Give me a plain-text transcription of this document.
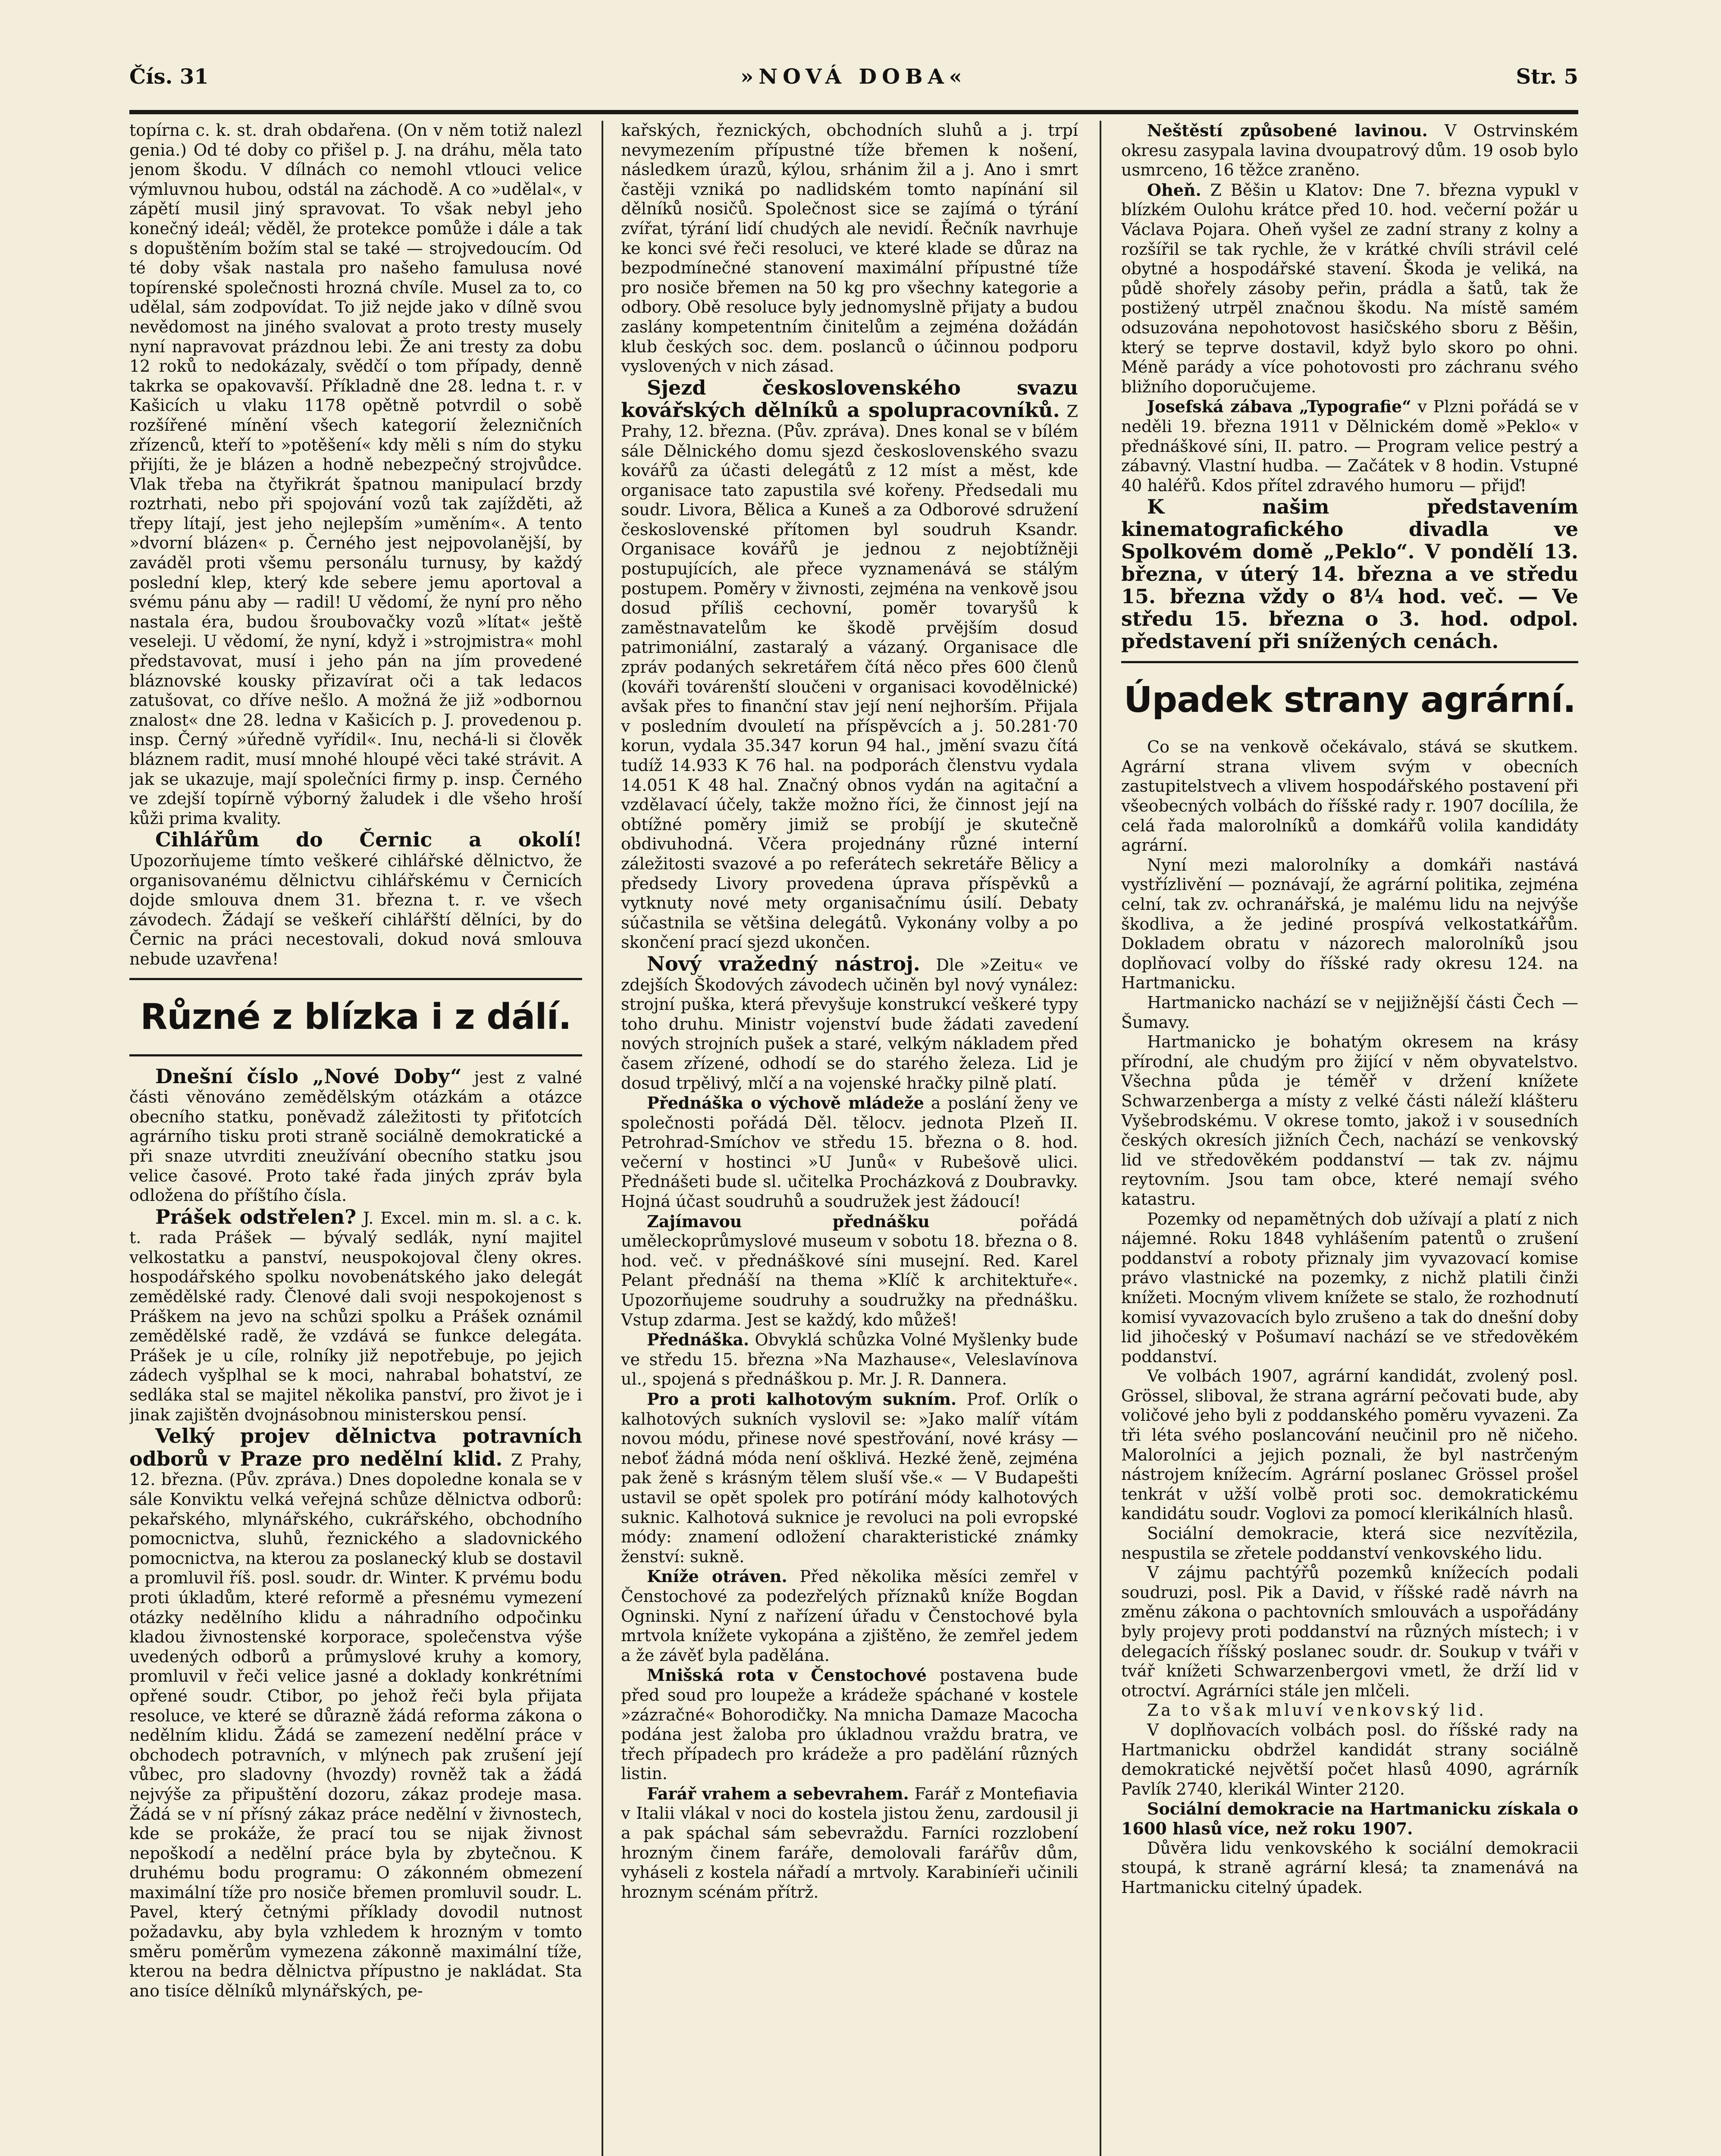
Čís. 31	»NOVÁ DOBA«	Str. 5

topírna c. k. st. drah obdařena. (On v něm totiž nalezl genia.) Od té doby co přišel p. J. na dráhu, měla tato jenom škodu. V dílnách co nemohl vtlouci velice výmluvnou hubou, odstál na záchodě. A co »udělal«, v zápětí musil jiný spravovat. To však nebyl jeho konečný ideál; věděl, že protekce pomůže i dále a tak s dopuštěním božím stal se také — strojvedoucím. Od té doby však nastala pro našeho famulusa nové topírenské společnosti hrozná chvíle. Musel za to, co udělal, sám zodpovídat. To již nejde jako v dílně svou nevědomost na jiného svalovat a proto tresty musely nyní napravovat prázdnou lebi. Že ani tresty za dobu 12 roků to nedokázaly, svědčí o tom případy, denně takrka se opakovavší. Příkladně dne 28. ledna t. r. v Kašicích u vlaku 1178 opětně potvrdil o sobě rozšířené mínění všech kategorií železničních zřízenců, kteří to »potěšení« kdy měli s ním do styku přijíti, že je blázen a hodně nebezpečný strojvůdce. Vlak třeba na čtyřikrát špatnou manipulací brzdy roztrhati, nebo při spojování vozů tak zajížděti, až třepy lítají, jest jeho nejlepším »uměním«. A tento »dvorní blázen« p. Černého jest nejpovolanější, by zaváděl proti všemu personálu turnusy, by každý poslední klep, který kde sebere jemu aportoval a svému pánu aby — radil! U vědomí, že nyní pro něho nastala éra, budou šroubovačky vozů »lítat« ještě veseleji. U vědomí, že nyní, když i »strojmistra« mohl představovat, musí i jeho pán na jím provedené bláznovské kousky přizavírat oči a tak ledacos zatušovat, co dříve nešlo. A možná že již »odbornou znalost« dne 28. ledna v Kašicích p. J. provedenou p. insp. Černý »úředně vyřídil«. Inu, nechá-li si člověk bláznem radit, musí mnohé hloupé věci také strávit. A jak se ukazuje, mají společníci firmy p. insp. Černého ve zdejší topírně výborný žaludek i dle všeho hroší kůži prima kvality.

Cihlářům do Černic a okolí! Upozorňujeme tímto veškeré cihlářské dělnictvo, že organisovanému dělnictvu cihlářskému v Černicích dojde smlouva dnem 31. března t. r. ve všech závodech. Žádají se veškeří cihlářští dělníci, by do Černic na práci necestovali, dokud nová smlouva nebude uzavřena!

Různé z blízka i z dálí.

Dnešní číslo „Nové Doby“ jest z valné části věnováno zemědělským otázkám a otázce obecního statku, poněvadž záležitosti ty přiťotcích agrárního tisku proti straně sociálně demokratické a při snaze utvrditi zneužívání obecního statku jsou velice časové. Proto také řada jiných zpráv byla odložena do příštího čísla.

Prášek odstřelen? J. Excel. min m. sl. a c. k. t. rada Prášek — bývalý sedlák, nyní majitel velkostatku a panství, neuspokojoval členy okres. hospodářského spolku novobenátského jako delegát zemědělské rady. Členové dali svoji nespokojenost s Práškem na jevo na schůzi spolku a Prášek oznámil zemědělské radě, že vzdává se funkce delegáta. Prášek je u cíle, rolníky již nepotřebuje, po jejich zádech vyšplhal se k moci, nahrabal bohatství, ze sedláka stal se majitel několika panství, pro život je i jinak zajištěn dvojnásobnou ministerskou pensí.

Velký projev dělnictva potravních odborů v Praze pro nedělní klid. Z Prahy, 12. března. (Pův. zpráva.) Dnes dopoledne konala se v sále Konviktu velká veřejná schůze dělnictva odborů: pekařského, mlynářského, cukrářského, obchodního pomocnictva, sluhů, řeznického a sladovnického pomocnictva, na kterou za poslanecký klub se dostavil a promluvil říš. posl. soudr. dr. Winter. K prvému bodu proti úkladům, které reformě a přesnému vymezení otázky nedělního klidu a náhradního odpočinku kladou živnostenské korporace, společenstva výše uvedených odborů a průmyslové kruhy a komory, promluvil v řeči velice jasné a doklady konkrétními opřené soudr. Ctibor, po jehož řeči byla přijata resoluce, ve které se důrazně žádá reforma zákona o nedělním klidu. Žádá se zamezení nedělní práce v obchodech potravních, v mlýnech pak zrušení její vůbec, pro sladovny (hvozdy) rovněž tak a žádá nejvýše za připuštění dozoru, zákaz prodeje masa. Žádá se v ní přísný zákaz práce nedělní v živnostech, kde se prokáže, že prací tou se nijak živnost nepoškodí a nedělní práce byla by zbytečnou. K druhému bodu programu: O zákonném obmezení maximální tíže pro nosiče břemen promluvil soudr. L. Pavel, který četnými příklady dovodil nutnost požadavku, aby byla vzhledem k hrozným v tomto směru poměrům vymezena zákonně maximální tíže, kterou na bedra dělnictva přípustno je nakládat. Sta ano tisíce dělníků mlynářských, pe-

kařských, řeznických, obchodních sluhů a j. trpí nevymezením přípustné tíže břemen k nošení, následkem úrazů, kýlou, srhánim žil a j. Ano i smrt častěji vzniká po nadlidském tomto napínání sil dělníků nosičů. Společnost sice se zajímá o týrání zvířat, týrání lidí chudých ale nevidí. Řečník navrhuje ke konci své řeči resoluci, ve které klade se důraz na bezpodmínečné stanovení maximální přípustné tíže pro nosiče břemen na 50 kg pro všechny kategorie a odbory. Obě resoluce byly jednomyslně přijaty a budou zaslány kompetentním činitelům a zejména dožádán klub českých soc. dem. poslanců o účinnou podporu vyslovených v nich zásad.

Sjezd československého svazu kovářských dělníků a spolupracovníků. Z Prahy, 12. března. (Pův. zpráva). Dnes konal se v bílém sále Dělnického domu sjezd československého svazu kovářů za účasti delegátů z 12 míst a měst, kde organisace tato zapustila své kořeny. Předsedali mu soudr. Livora, Bělica a Kuneš a za Odborové sdružení československé přítomen byl soudruh Ksandr. Organisace kovářů je jednou z nejobtížněji postupujících, ale přece vyznamenává se stálým postupem. Poměry v živnosti, zejména na venkově jsou dosud příliš cechovní, poměr tovaryšů k zaměstnavatelům ke škodě prvějším dosud patrimoniální, zastaralý a vázaný. Organisace dle zpráv podaných sekretářem čítá něco přes 600 členů (kováři továrenští sloučeni v organisaci kovodělnické) avšak přes to finanční stav její není nejhorším. Přijala v posledním dvouletí na příspěvcích a j. 50.281·70 korun, vydala 35.347 korun 94 hal., jmění svazu čítá tudíž 14.933 K 76 hal. na podporách členstvu vydala 14.051 K 48 hal. Značný obnos vydán na agitační a vzdělavací účely, takže možno říci, že činnost její na obtížné poměry jimiž se probíjí je skutečně obdivuhodná. Včera projednány různé interní záležitosti svazové a po referátech sekretáře Bělicy a předsedy Livory provedena úprava příspěvků a vytknuty nové mety organisačnímu úsilí. Debaty súčastnila se většina delegátů. Vykonány volby a po skončení prací sjezd ukončen.

Nový vražedný nástroj. Dle »Zeitu« ve zdejších Škodových závodech učiněn byl nový vynález: strojní puška, která převyšuje konstrukcí veškeré typy toho druhu. Ministr vojenství bude žádati zavedení nových strojních pušek a staré, velkým nákladem před časem zřízené, odhodí se do starého železa. Lid je dosud trpělivý, mlčí a na vojenské hračky pilně platí.

Přednáška o výchově mládeže a poslání ženy ve společnosti pořádá Děl. tělocv. jednota Plzeň II. Petrohrad-Smíchov ve středu 15. března o 8. hod. večerní v hostinci »U Junů« v Rubešově ulici. Přednášeti bude sl. učitelka Procházková z Doubravky. Hojná účast soudruhů a soudružek jest žádoucí!

Zajímavou přednášku pořádá uměleckoprůmyslové museum v sobotu 18. března o 8. hod. več. v přednáškové síni musejní. Red. Karel Pelant přednáší na thema »Klíč k architektuře«. Upozorňujeme soudruhy a soudružky na přednášku. Vstup zdarma. Jest se každý, kdo můžeš!

Přednáška. Obvyklá schůzka Volné Myšlenky bude ve středu 15. března »Na Mazhause«, Veleslavínova ul., spojená s přednáškou p. Mr. J. R. Dannera.

Pro a proti kalhotovým sukním. Prof. Orlík o kalhotových sukních vyslovil se: »Jako malíř vítám novou módu, přinese nové spestřování, nové krásy — neboť žádná móda není ošklivá. Hezké ženě, zejména pak ženě s krásným tělem sluší vše.« — V Budapešti ustavil se opět spolek pro potírání módy kalhotových suknic. Kalhotová suknice je revoluci na poli evropské módy: znamení odložení charakteristické známky ženství: sukně.

Kníže otráven. Před několika měsíci zemřel v Čenstochové za podezřelých příznaků kníže Bogdan Ogninski. Nyní z nařízení úřadu v Čenstochové byla mrtvola knížete vykopána a zjištěno, že zemřel jedem a že závěť byla padělána.

Mnišská rota v Čenstochové postavena bude před soud pro loupeže a krádeže spáchané v kostele »zázračné« Bohorodičky. Na mnicha Damaze Macocha podána jest žaloba pro úkladnou vraždu bratra, ve třech případech pro krádeže a pro padělání různých listin.

Farář vrahem a sebevrahem. Farář z Montefiavia v Italii vlákal v noci do kostela jistou ženu, zardousil ji a pak spáchal sám sebevraždu. Farníci rozzlobení hrozným činem faráře, demolovali farářův dům, vyháseli z kostela nářadí a mrtvoly. Karabiníeři učinili hroznym scénám přítrž.

Neštěstí způsobené lavinou. V Ostrvinském okresu zasypala lavina dvoupatrový dům. 19 osob bylo usmrceno, 16 těžce zraněno.

Oheň. Z Běšin u Klatov: Dne 7. března vypukl v blízkém Oulohu krátce před 10. hod. večerní požár u Václava Pojara. Oheň vyšel ze zadní strany z kolny a rozšířil se tak rychle, že v krátké chvíli strávil celé obytné a hospodářské stavení. Škoda je veliká, na půdě shořely zásoby peřin, prádla a šatů, tak že postižený utrpěl značnou škodu. Na místě samém odsuzována nepohotovost hasičského sboru z Běšin, který se teprve dostavil, když bylo skoro po ohni. Méně parády a více pohotovosti pro záchranu svého bližního doporučujeme.

Josefská zábava „Typografie“ v Plzni pořádá se v neděli 19. března 1911 v Dělnickém domě »Peklo« v přednáškové síni, II. patro. — Program velice pestrý a zábavný. Vlastní hudba. — Začátek v 8 hodin. Vstupné 40 haléřů. Kdos přítel zdravého humoru — přijď!

K našim představením kinematografického divadla ve Spolkovém domě „Peklo“. V pondělí 13. března, v úterý 14. března a ve středu 15. března vždy o 8¼ hod. več. — Ve středu 15. března o 3. hod. odpol. představení při snížených cenách.

Úpadek strany agrární.

Co se na venkově očekávalo, stává se skutkem. Agrární strana vlivem svým v obecních zastupitelstvech a vlivem hospodářského postavení při všeobecných volbách do říšské rady r. 1907 docílila, že celá řada malorolníků a domkářů volila kandidáty agrární.

Nyní mezi malorolníky a domkáři nastává vystřízlivění — poznávají, že agrární politika, zejména celní, tak zv. ochranářská, je malému lidu na nejvýše škodliva, a že jediné prospívá velkostatkářům. Dokladem obratu v názorech malorolníků jsou doplňovací volby do říšské rady okresu 124. na Hartmanicku.

Hartmanicko nachází se v nejjižnější části Čech — Šumavy.

Hartmanicko je bohatým okresem na krásy přírodní, ale chudým pro žijící v něm obyvatelstvo. Všechna půda je téměř v držení knížete Schwarzenberga a místy z velké části náleží klášteru Vyšebrodskému. V okrese tomto, jakož i v sousedních českých okresích jižních Čech, nachází se venkovský lid ve středověkém poddanství — tak zv. nájmu reytovním. Jsou tam obce, které nemají svého katastru.

Pozemky od nepamětných dob užívají a platí z nich nájemné. Roku 1848 vyhlášením patentů o zrušení poddanství a roboty přiznaly jim vyvazovací komise právo vlastnické na pozemky, z nichž platili činži knížeti. Mocným vlivem knížete se stalo, že rozhodnutí komisí vyvazovacích bylo zrušeno a tak do dnešní doby lid jihočeský v Pošumaví nachází se ve středověkém poddanství.

Ve volbách 1907, agrární kandidát, zvolený posl. Grössel, sliboval, že strana agrární pečovati bude, aby voličové jeho byli z poddanského poměru vyvazeni. Za tři léta svého poslancování neučinil pro ně ničeho. Malorolníci a jejich poznali, že byl nastrčeným nástrojem knížecím. Agrární poslanec Grössel prošel tenkrát v užší volbě proti soc. demokratickému kandidátu soudr. Voglovi za pomocí klerikálních hlasů.

Sociální demokracie, která sice nezvítězila, nespustila se zřetele poddanství venkovského lidu.

V zájmu pachtýřů pozemků knížecích podali soudruzi, posl. Pik a David, v říšské radě návrh na změnu zákona o pachtovních smlouvách a uspořádány byly projevy proti poddanství na různých místech; i v delegacích říšský poslanec soudr. dr. Soukup v tváři v tvář knížeti Schwarzenbergovi vmetl, že drží lid v otroctví. Agrárníci stále jen mlčeli.

Za to však mluví venkovský lid.

V doplňovacích volbách posl. do říšské rady na Hartmanicku obdržel kandidát strany sociálně demokratické největší počet hlasů 4090, agrárník Pavlík 2740, klerikál Winter 2120.

Sociální demokracie na Hartmanicku získala o 1600 hlasů více, než roku 1907.

Důvěra lidu venkovského k sociální demokracii stoupá, k straně agrární klesá; ta znamenává na Hartmanicku citelný úpadek.
